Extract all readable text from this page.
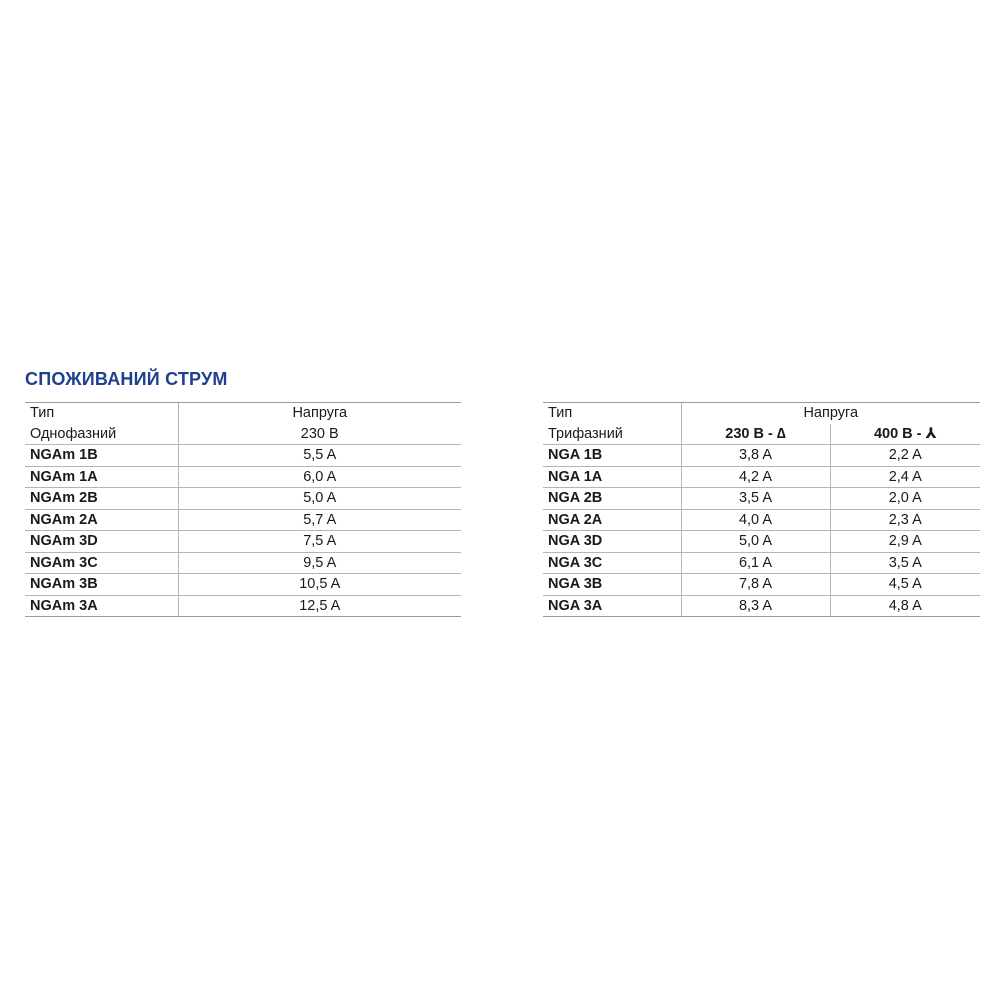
СПОЖИВАНИЙ СТРУМ
Тип	Напруга
Однофазний	230 В
NGAm 1B	5,5 A
NGAm 1A	6,0 A
NGAm 2B	5,0 A
NGAm 2A	5,7 A
NGAm 3D	7,5 A
NGAm 3C	9,5 A
NGAm 3B	10,5 A
NGAm 3A	12,5 A
Тип	Напруга	
Трифазний	230 В - ∆	400 В - ⅄
NGA 1B	3,8 A	2,2 A
NGA 1A	4,2 A	2,4 A
NGA 2B	3,5 A	2,0 A
NGA 2A	4,0 A	2,3 A
NGA 3D	5,0 A	2,9 A
NGA 3C	6,1 A	3,5 A
NGA 3B	7,8 A	4,5 A
NGA 3A	8,3 A	4,8 A
